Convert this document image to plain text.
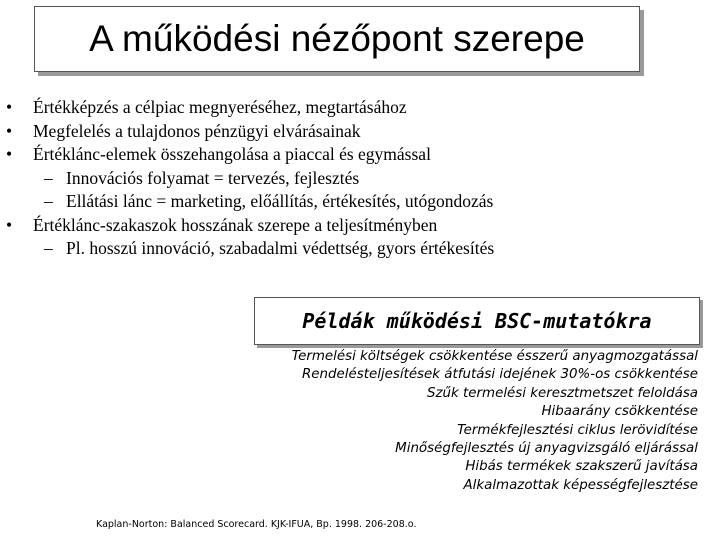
A működési nézőpont szerepe
• Értékképzés a célpiac megnyeréséhez, megtartásához
• Megfelelés a tulajdonos pénzügyi elvárásainak
• Értéklánc-elemek összehangolása a piaccal és egymással
– Innovációs folyamat = tervezés, fejlesztés
– Ellátási lánc = marketing, előállítás, értékesítés, utógondozás
• Értéklánc-szakaszok hosszának szerepe a teljesítményben
– Pl. hosszú innováció, szabadalmi védettség, gyors értékesítés
Példák működési BSC-mutatókra
Termelési költségek csökkentése ésszerű anyagmozgatással
Rendelésteljesítések átfutási idejének 30%-os csökkentése
Szűk termelési keresztmetszet feloldása
Hibaarány csökkentése
Termékfejlesztési ciklus lerövidítése
Minőségfejlesztés új anyagvizsgáló eljárással
Hibás termékek szakszerű javítása
Alkalmazottak képességfejlesztése
Kaplan-Norton: Balanced Scorecard. KJK-IFUA, Bp. 1998. 206-208.o.
